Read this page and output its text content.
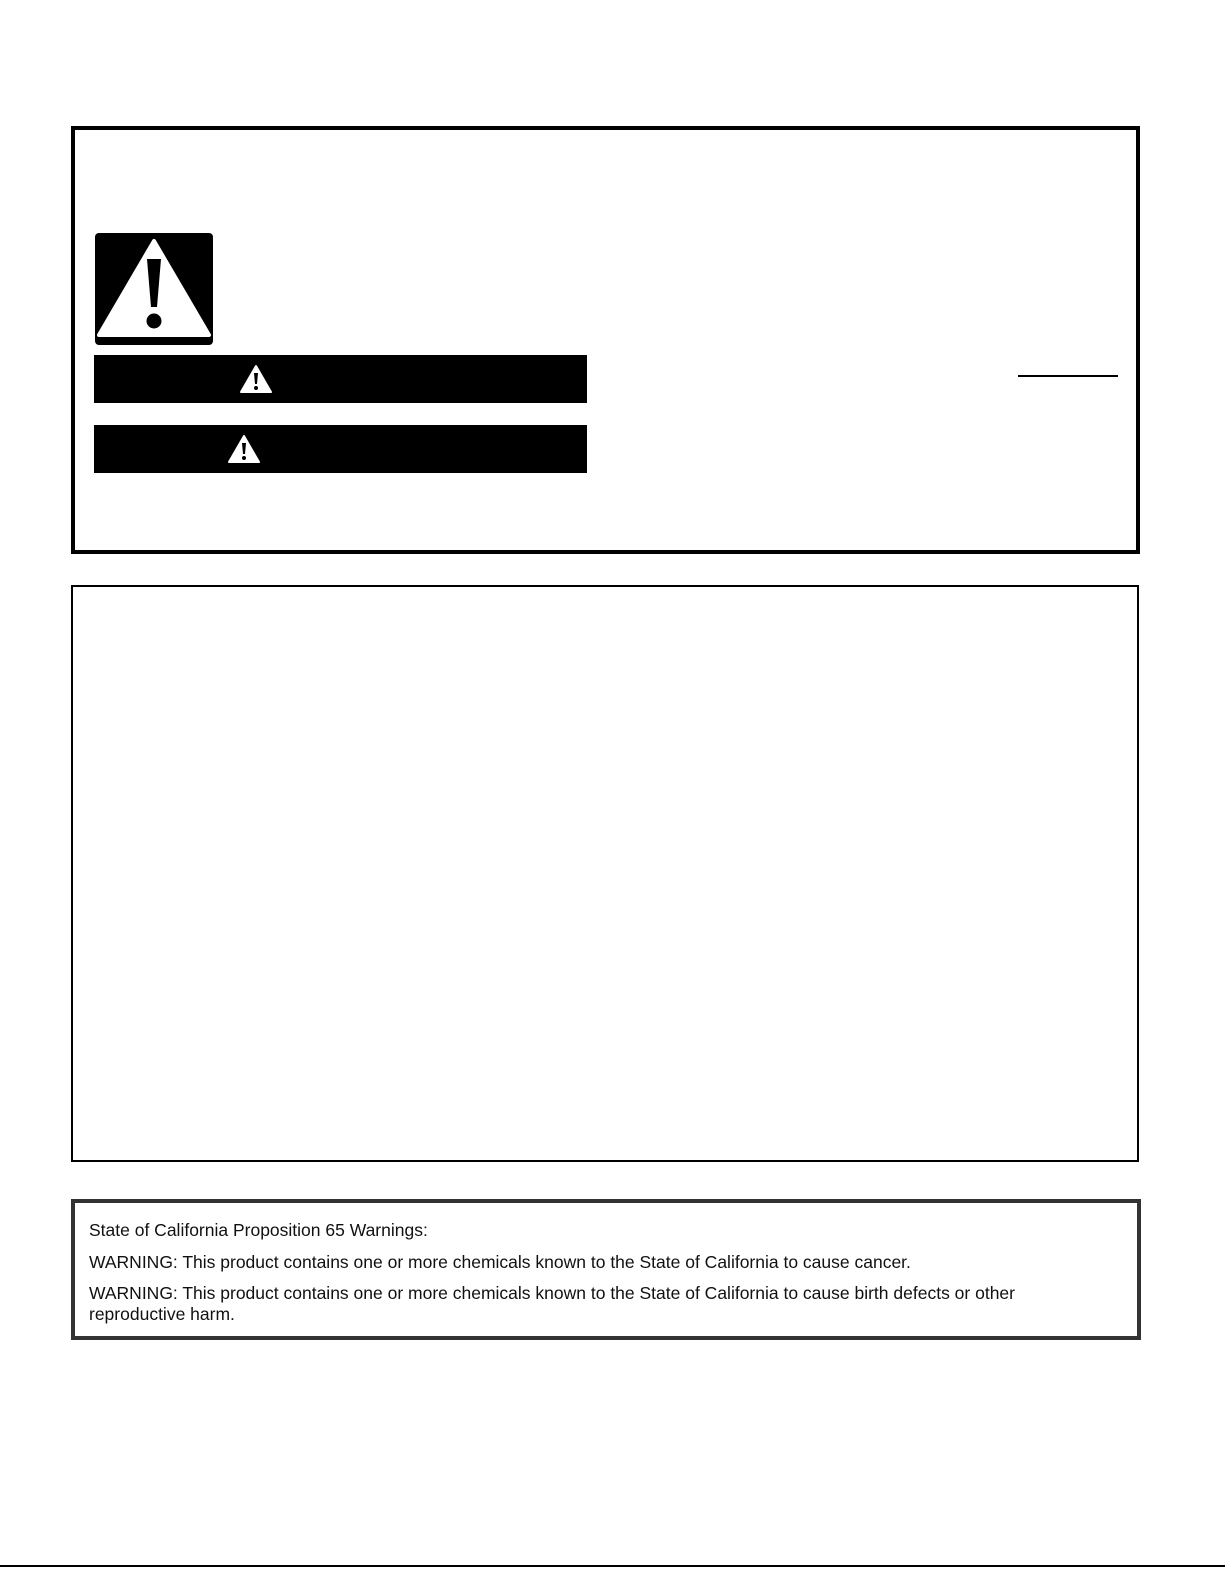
State of California Proposition 65 Warnings:
WARNING: This product contains one or more chemicals known to the State of California to cause cancer.
WARNING: This product contains one or more chemicals known to the State of California to cause birth defects or other reproductive harm.
